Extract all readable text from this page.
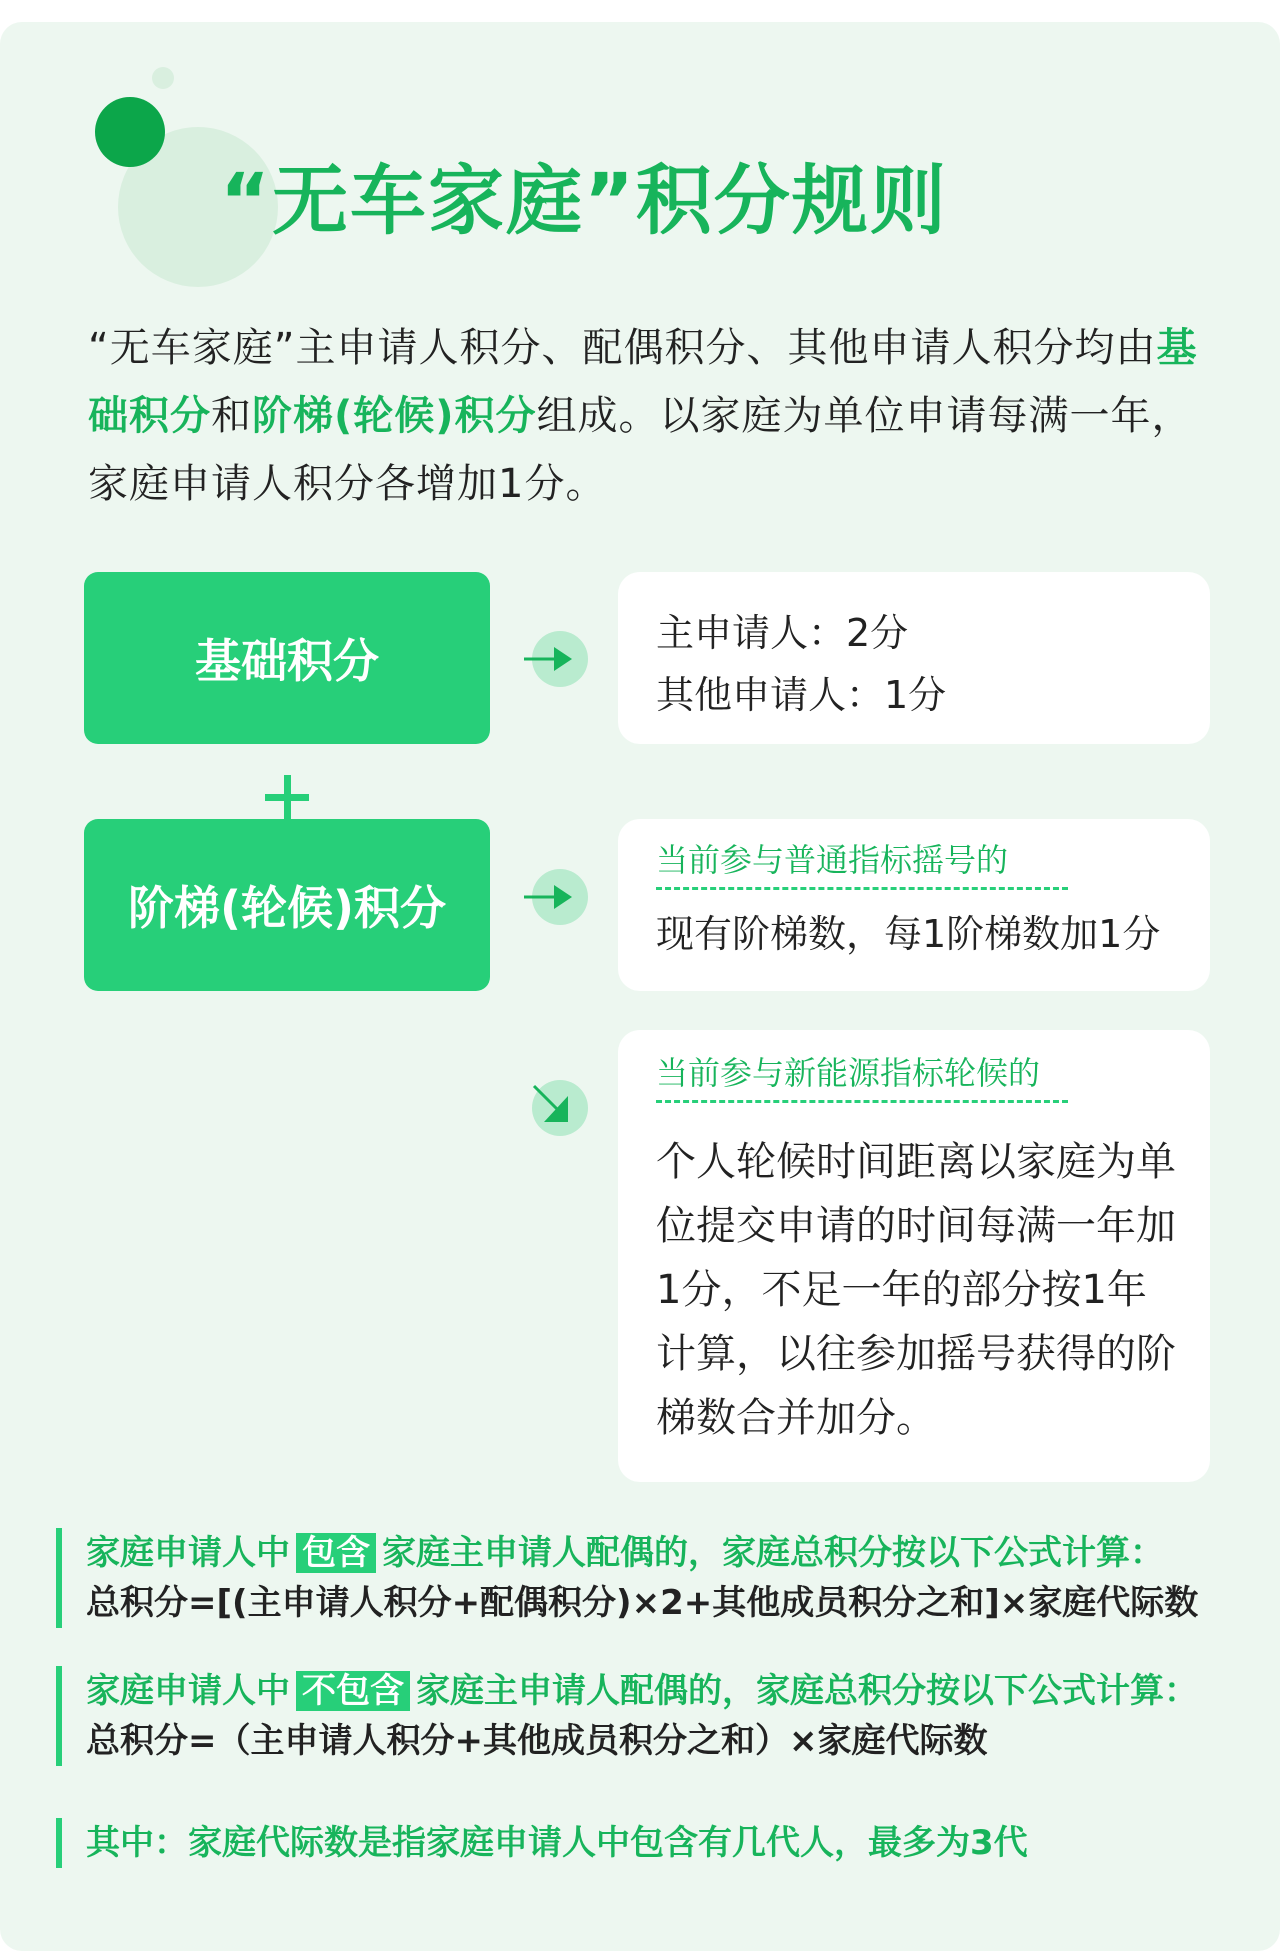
“无车家庭”积分规则
“无车家庭”主申请人积分、配偶积分、其他申请人积分均由基础积分和阶梯(轮候)积分组成。以家庭为单位申请每满一年，家庭申请人积分各增加1分。
基础积分
主申请人：2分
其他申请人：1分
阶梯(轮候)积分
当前参与普通指标摇号的
现有阶梯数，每1阶梯数加1分
当前参与新能源指标轮候的
个人轮候时间距离以家庭为单位提交申请的时间每满一年加1分，不足一年的部分按1年计算，以往参加摇号获得的阶梯数合并加分。
家庭申请人中 包含 家庭主申请人配偶的，家庭总积分按以下公式计算：
总积分=[(主申请人积分+配偶积分)×2+其他成员积分之和]×家庭代际数
家庭申请人中 不包含 家庭主申请人配偶的，家庭总积分按以下公式计算：
总积分=（主申请人积分+其他成员积分之和）×家庭代际数
其中：家庭代际数是指家庭申请人中包含有几代人，最多为3代
